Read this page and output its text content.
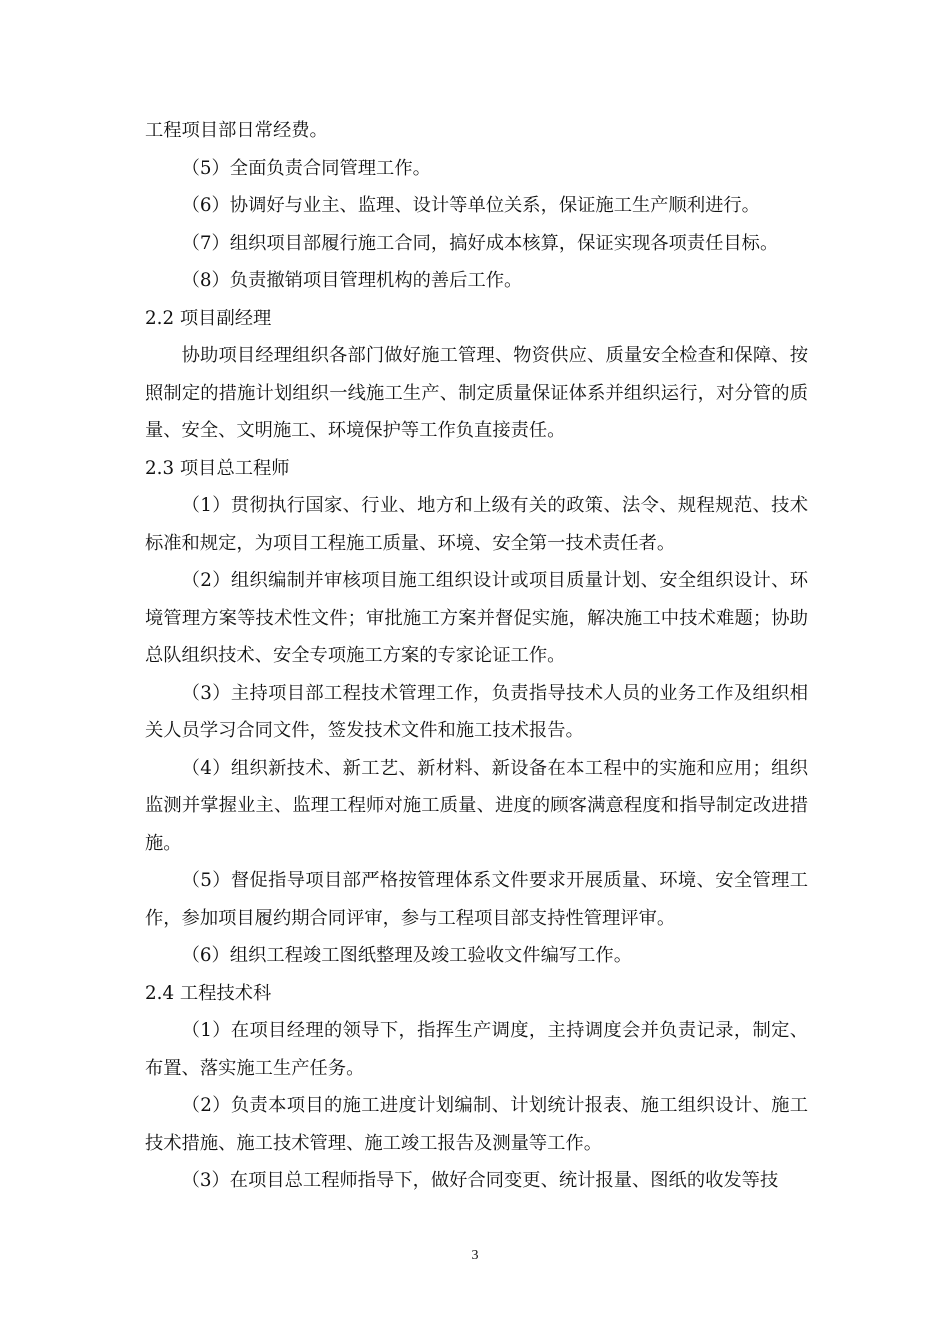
工程项目部日常经费。

（5）全面负责合同管理工作。

（6）协调好与业主、监理、设计等单位关系，保证施工生产顺利进行。

（7）组织项目部履行施工合同，搞好成本核算，保证实现各项责任目标。

（8）负责撤销项目管理机构的善后工作。

2.2 项目副经理

协助项目经理组织各部门做好施工管理、物资供应、质量安全检查和保障、按照制定的措施计划组织一线施工生产、制定质量保证体系并组织运行，对分管的质量、安全、文明施工、环境保护等工作负直接责任。

2.3 项目总工程师

（1）贯彻执行国家、行业、地方和上级有关的政策、法令、规程规范、技术标准和规定，为项目工程施工质量、环境、安全第一技术责任者。

（2）组织编制并审核项目施工组织设计或项目质量计划、安全组织设计、环境管理方案等技术性文件；审批施工方案并督促实施，解决施工中技术难题；协助总队组织技术、安全专项施工方案的专家论证工作。

（3）主持项目部工程技术管理工作，负责指导技术人员的业务工作及组织相关人员学习合同文件，签发技术文件和施工技术报告。

（4）组织新技术、新工艺、新材料、新设备在本工程中的实施和应用；组织监测并掌握业主、监理工程师对施工质量、进度的顾客满意程度和指导制定改进措施。

（5）督促指导项目部严格按管理体系文件要求开展质量、环境、安全管理工作，参加项目履约期合同评审，参与工程项目部支持性管理评审。

（6）组织工程竣工图纸整理及竣工验收文件编写工作。

2.4 工程技术科

（1）在项目经理的领导下，指挥生产调度，主持调度会并负责记录，制定、布置、落实施工生产任务。

（2）负责本项目的施工进度计划编制、计划统计报表、施工组织设计、施工技术措施、施工技术管理、施工竣工报告及测量等工作。

（3）在项目总工程师指导下，做好合同变更、统计报量、图纸的收发等技

3
